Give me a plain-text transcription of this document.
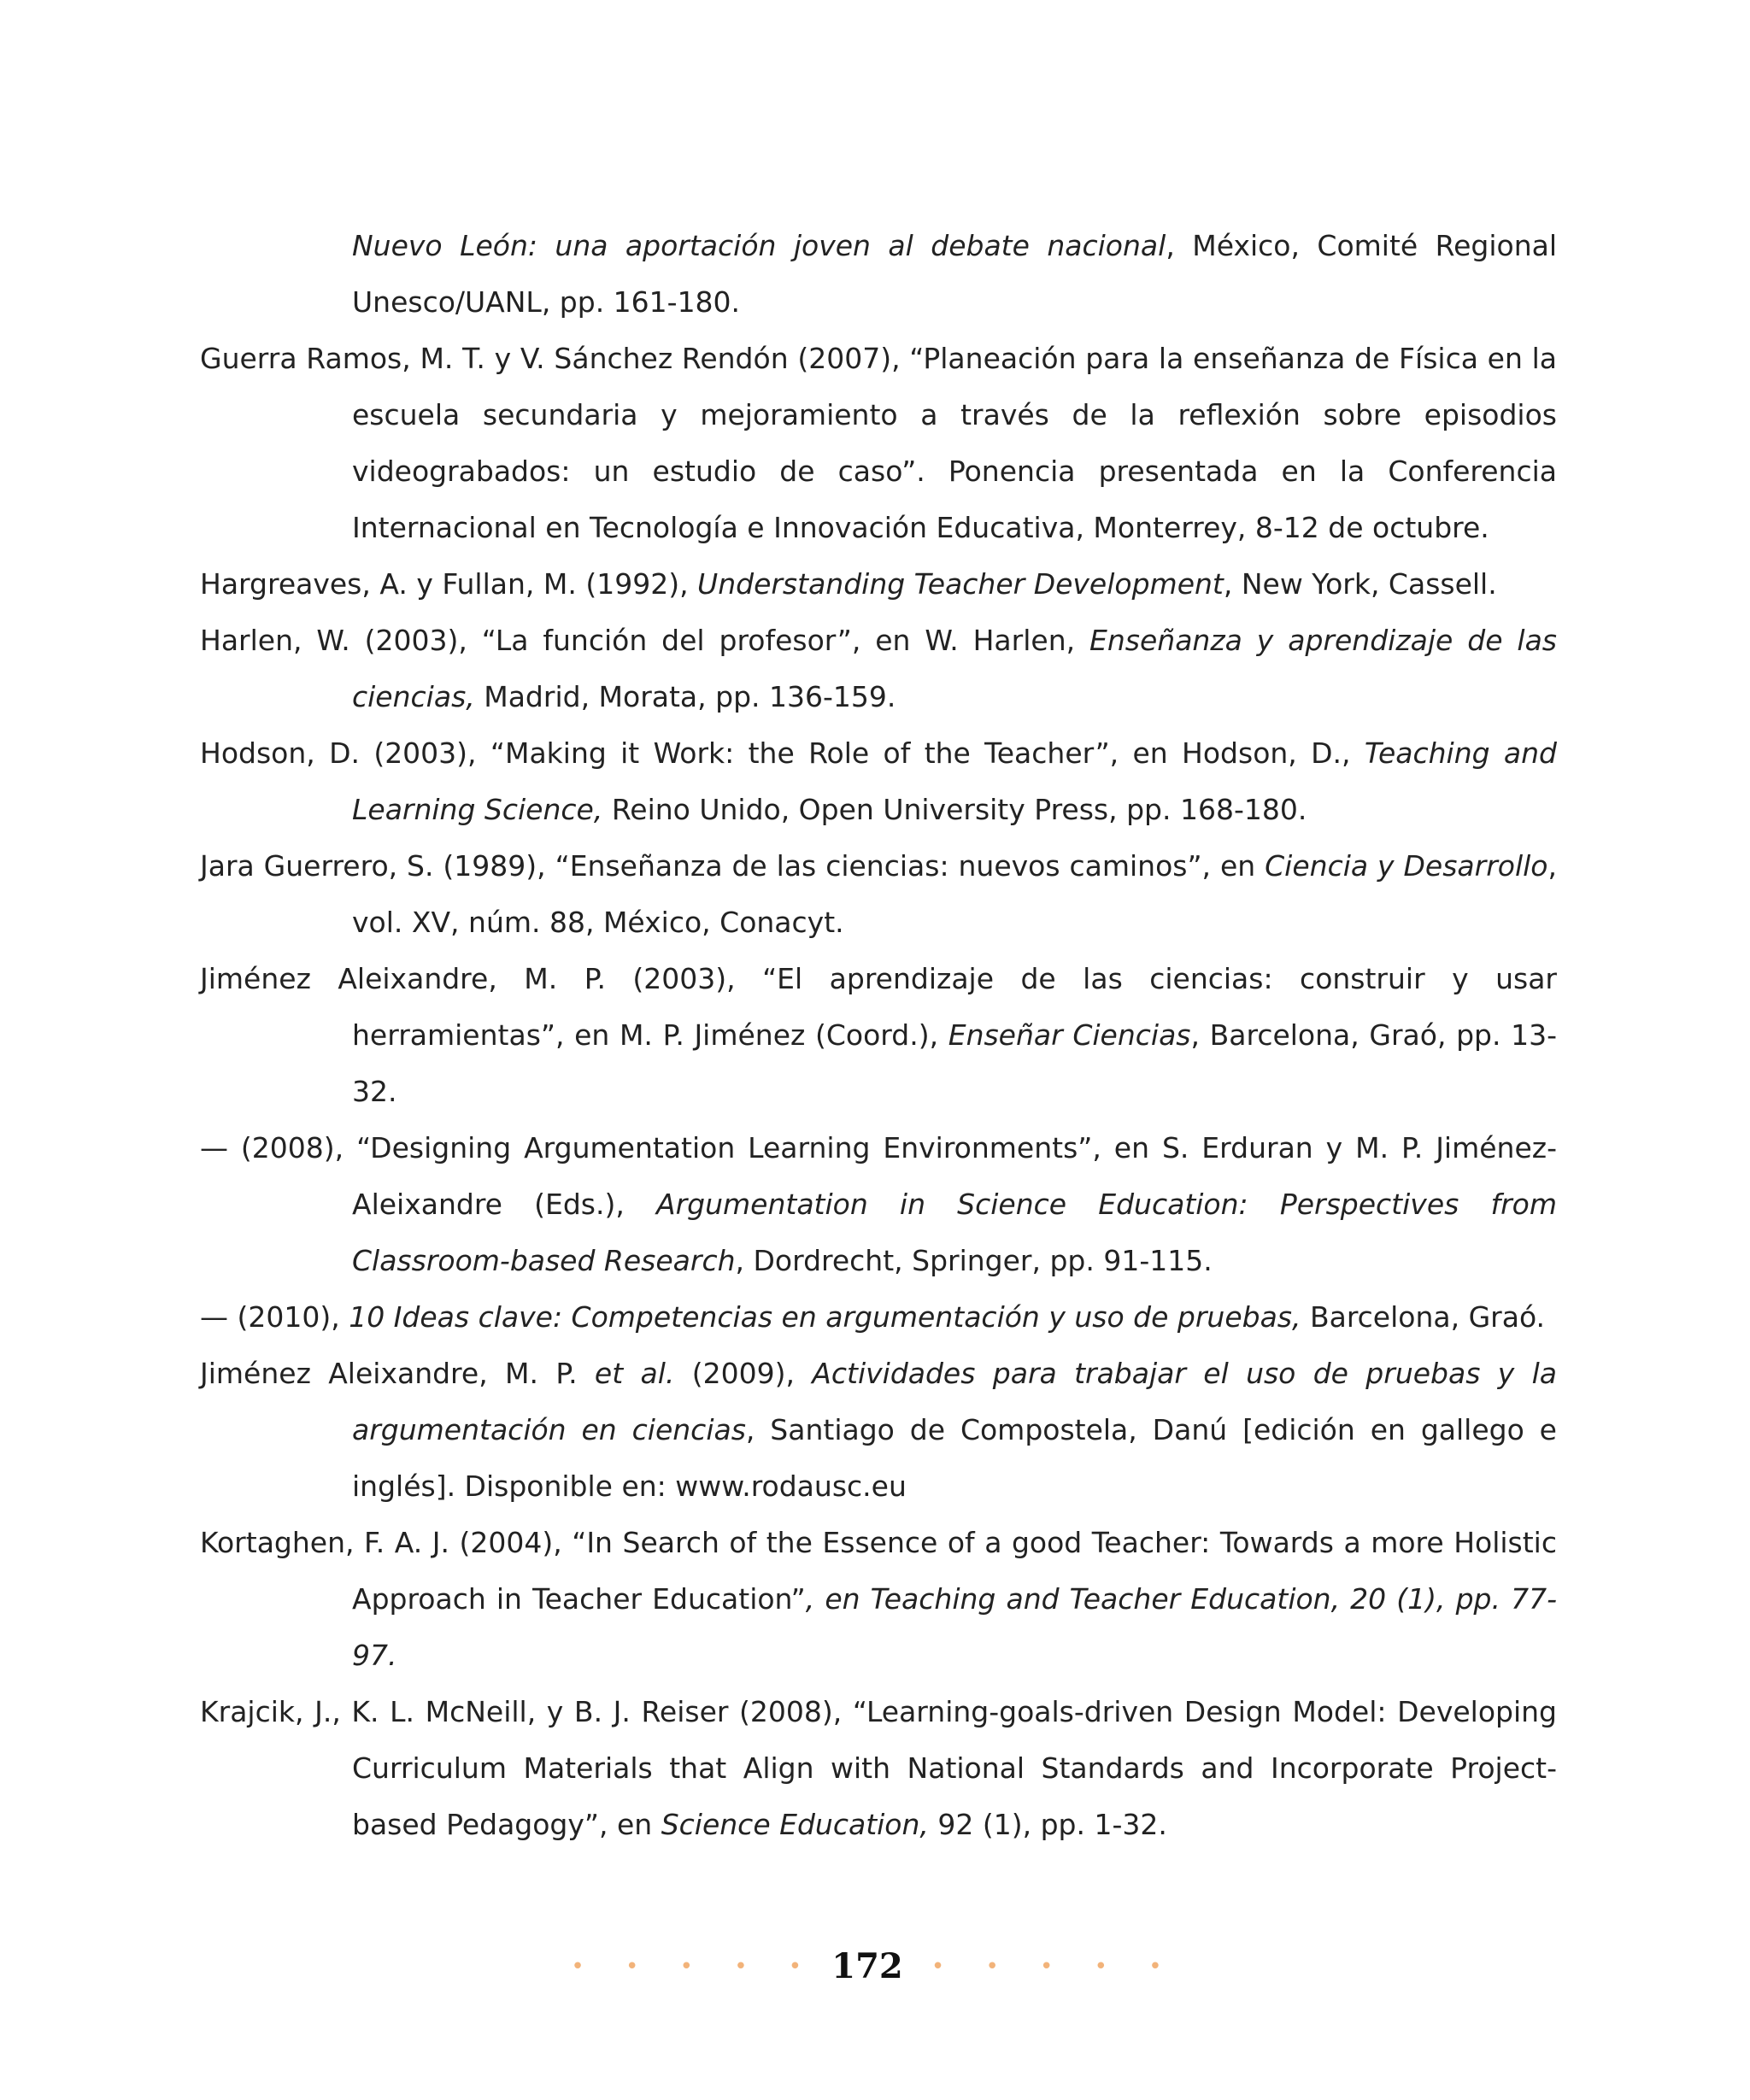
Nuevo León: una aportación joven al debate nacional, México, Comité Regional Unesco/UANL, pp. 161-180.
Guerra Ramos, M. T. y V. Sánchez Rendón (2007), “Planeación para la enseñanza de Física en la escuela secundaria y mejoramiento a través de la reflexión sobre episodios videograbados: un estudio de caso”. Ponencia presentada en la Conferencia Internacional en Tecnología e Innovación Educativa, Monterrey, 8-12 de octubre.
Hargreaves, A. y Fullan, M. (1992), Understanding Teacher Development, New York, Cassell.
Harlen, W. (2003), “La función del profesor”, en W. Harlen, Enseñanza y aprendizaje de las ciencias, Madrid, Morata, pp. 136-159.
Hodson, D. (2003), “Making it Work: the Role of the Teacher”, en Hodson, D., Teaching and Learning Science, Reino Unido, Open University Press, pp. 168-180.
Jara Guerrero, S. (1989), “Enseñanza de las ciencias: nuevos caminos”, en Ciencia y Desarrollo, vol. XV, núm. 88, México, Conacyt.
Jiménez Aleixandre, M. P. (2003), “El aprendizaje de las ciencias: construir y usar herramientas”, en M. P. Jiménez (Coord.), Enseñar Ciencias, Barcelona, Graó, pp. 13-32.
— (2008), “Designing Argumentation Learning Environments”, en S. Erduran y M. P. Jiménez-Aleixandre (Eds.), Argumentation in Science Education: Perspectives from Classroom-based Research, Dordrecht, Springer, pp. 91-115.
— (2010), 10 Ideas clave: Competencias en argumentación y uso de pruebas, Barcelona, Graó.
Jiménez Aleixandre, M. P. et al. (2009), Actividades para trabajar el uso de pruebas y la argumentación en ciencias, Santiago de Compostela, Danú [edición en gallego e inglés]. Disponible en: www.rodausc.eu
Kortaghen, F. A. J. (2004), “In Search of the Essence of a good Teacher: Towards a more Holistic Approach in Teacher Education”, en Teaching and Teacher Education, 20 (1), pp. 77-97.
Krajcik, J., K. L. McNeill, y B. J. Reiser (2008), “Learning-goals-driven Design Model: Developing Curriculum Materials that Align with National Standards and Incorporate Project-based Pedagogy”, en Science Education, 92 (1), pp. 1-32.
• • • • • 172 • • • • •
